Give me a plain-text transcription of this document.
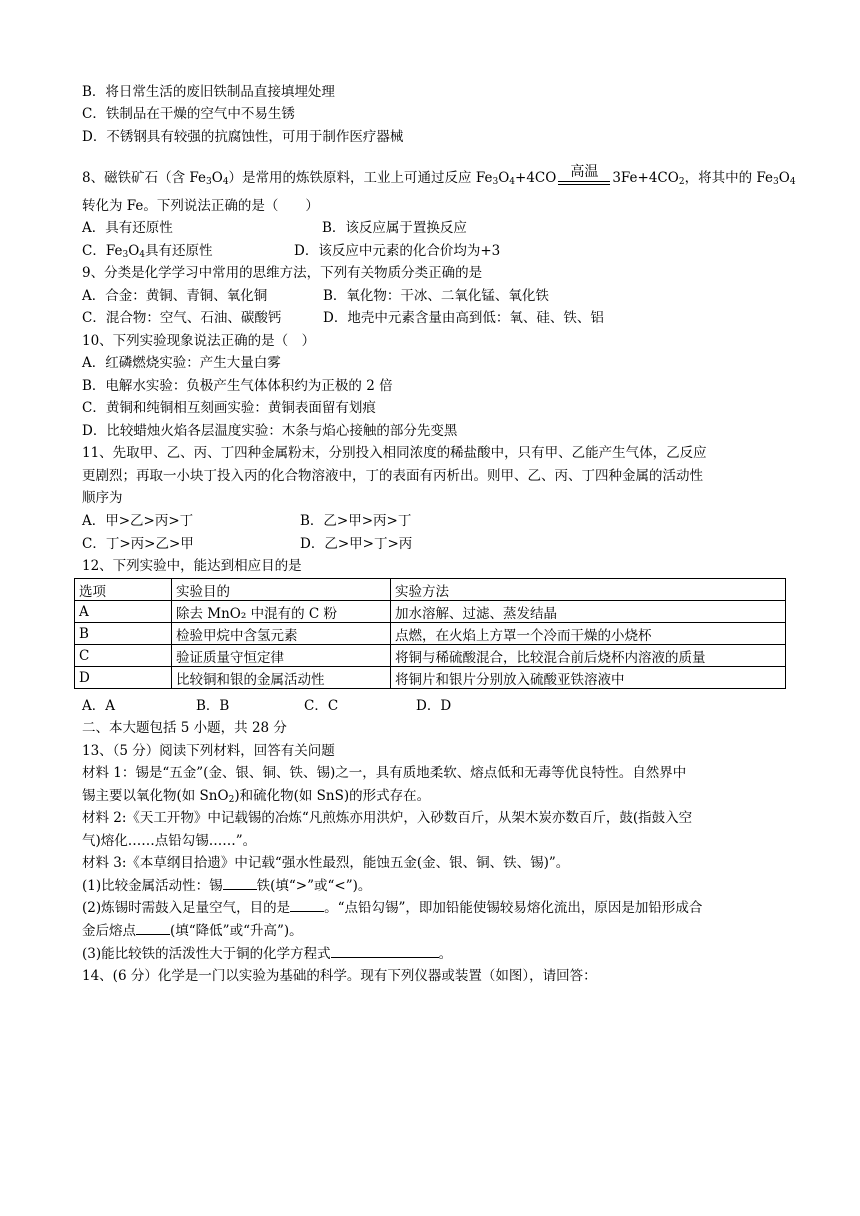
B．将日常生活的废旧铁制品直接填埋处理
C．铁制品在干燥的空气中不易生锈
D．不锈钢具有较强的抗腐蚀性，可用于制作医疗器械
8、磁铁矿石（含 $Fe_3O_4$）是常用的炼铁原料，工业上可通过反应 $Fe_3O_4+4CO$	高温	$3Fe+4CO_2$，将其中的 $Fe_3O_4$
转化为 Fe。下列说法正确的是（　　）
A．具有还原性	B．该反应属于置换反应
C．$Fe_3O_4$具有还原性	D．该反应中元素的化合价均为+3
9、分类是化学学习中常用的思维方法，下列有关物质分类正确的是
A．合金：黄铜、青铜、氧化铜	B．氧化物：干冰、二氧化锰、氧化铁
C．混合物：空气、石油、碳酸钙	D．地壳中元素含量由高到低：氧、硅、铁、铝
10、下列实验现象说法正确的是（　）
A．红磷燃烧实验：产生大量白雾
B．电解水实验：负极产生气体体积约为正极的 2 倍
C．黄铜和纯铜相互刻画实验：黄铜表面留有划痕
D．比较蜡烛火焰各层温度实验：木条与焰心接触的部分先变黑
11、先取甲、乙、丙、丁四种金属粉末，分别投入相同浓度的稀盐酸中，只有甲、乙能产生气体，乙反应
更剧烈；再取一小块丁投入丙的化合物溶液中，丁的表面有丙析出。则甲、乙、丙、丁四种金属的活动性
顺序为
A．甲>乙>丙>丁	B．乙>甲>丙>丁
C．丁>丙>乙>甲	D．乙>甲>丁>丙
12、下列实验中，能达到相应目的是
选项	实验目的	实验方法
A	除去 MnO₂ 中混有的 C 粉	加水溶解、过滤、蒸发结晶
B	检验甲烷中含氢元素	点燃，在火焰上方罩一个冷而干燥的小烧杯
C	验证质量守恒定律	将铜与稀硫酸混合，比较混合前后烧杯内溶液的质量
D	比较铜和银的金属活动性	将铜片和银片分别放入硫酸亚铁溶液中
A．A	B．B	C．C	D．D
二、本大题包括 5 小题，共 28 分
13、（5 分）阅读下列材料，回答有关问题
材料 1：锡是“五金”(金、银、铜、铁、锡)之一，具有质地柔软、熔点低和无毒等优良特性。自然界中
锡主要以氧化物(如 SnO$_2$)和硫化物(如 SnS)的形式存在。
材料 2:《天工开物》中记载锡的冶炼“凡煎炼亦用洪炉，入砂数百斤，从架木炭亦数百斤，鼓(指鼓入空
气)熔化……点铅勾锡……”。
材料 3:《本草纲目拾遗》中记载“强水性最烈，能蚀五金(金、银、铜、铁、锡)”。
(1)比较金属活动性：锡	铁(填“>”或“<”)。
(2)炼锡时需鼓入足量空气，目的是	。“点铅勾锡”，即加铅能使锡较易熔化流出，原因是加铅形成合
金后熔点	(填“降低”或“升高”)。
(3)能比较铁的活泼性大于铜的化学方程式	。
14、(6 分）化学是一门以实验为基础的科学。现有下列仪器或装置（如图），请回答：
